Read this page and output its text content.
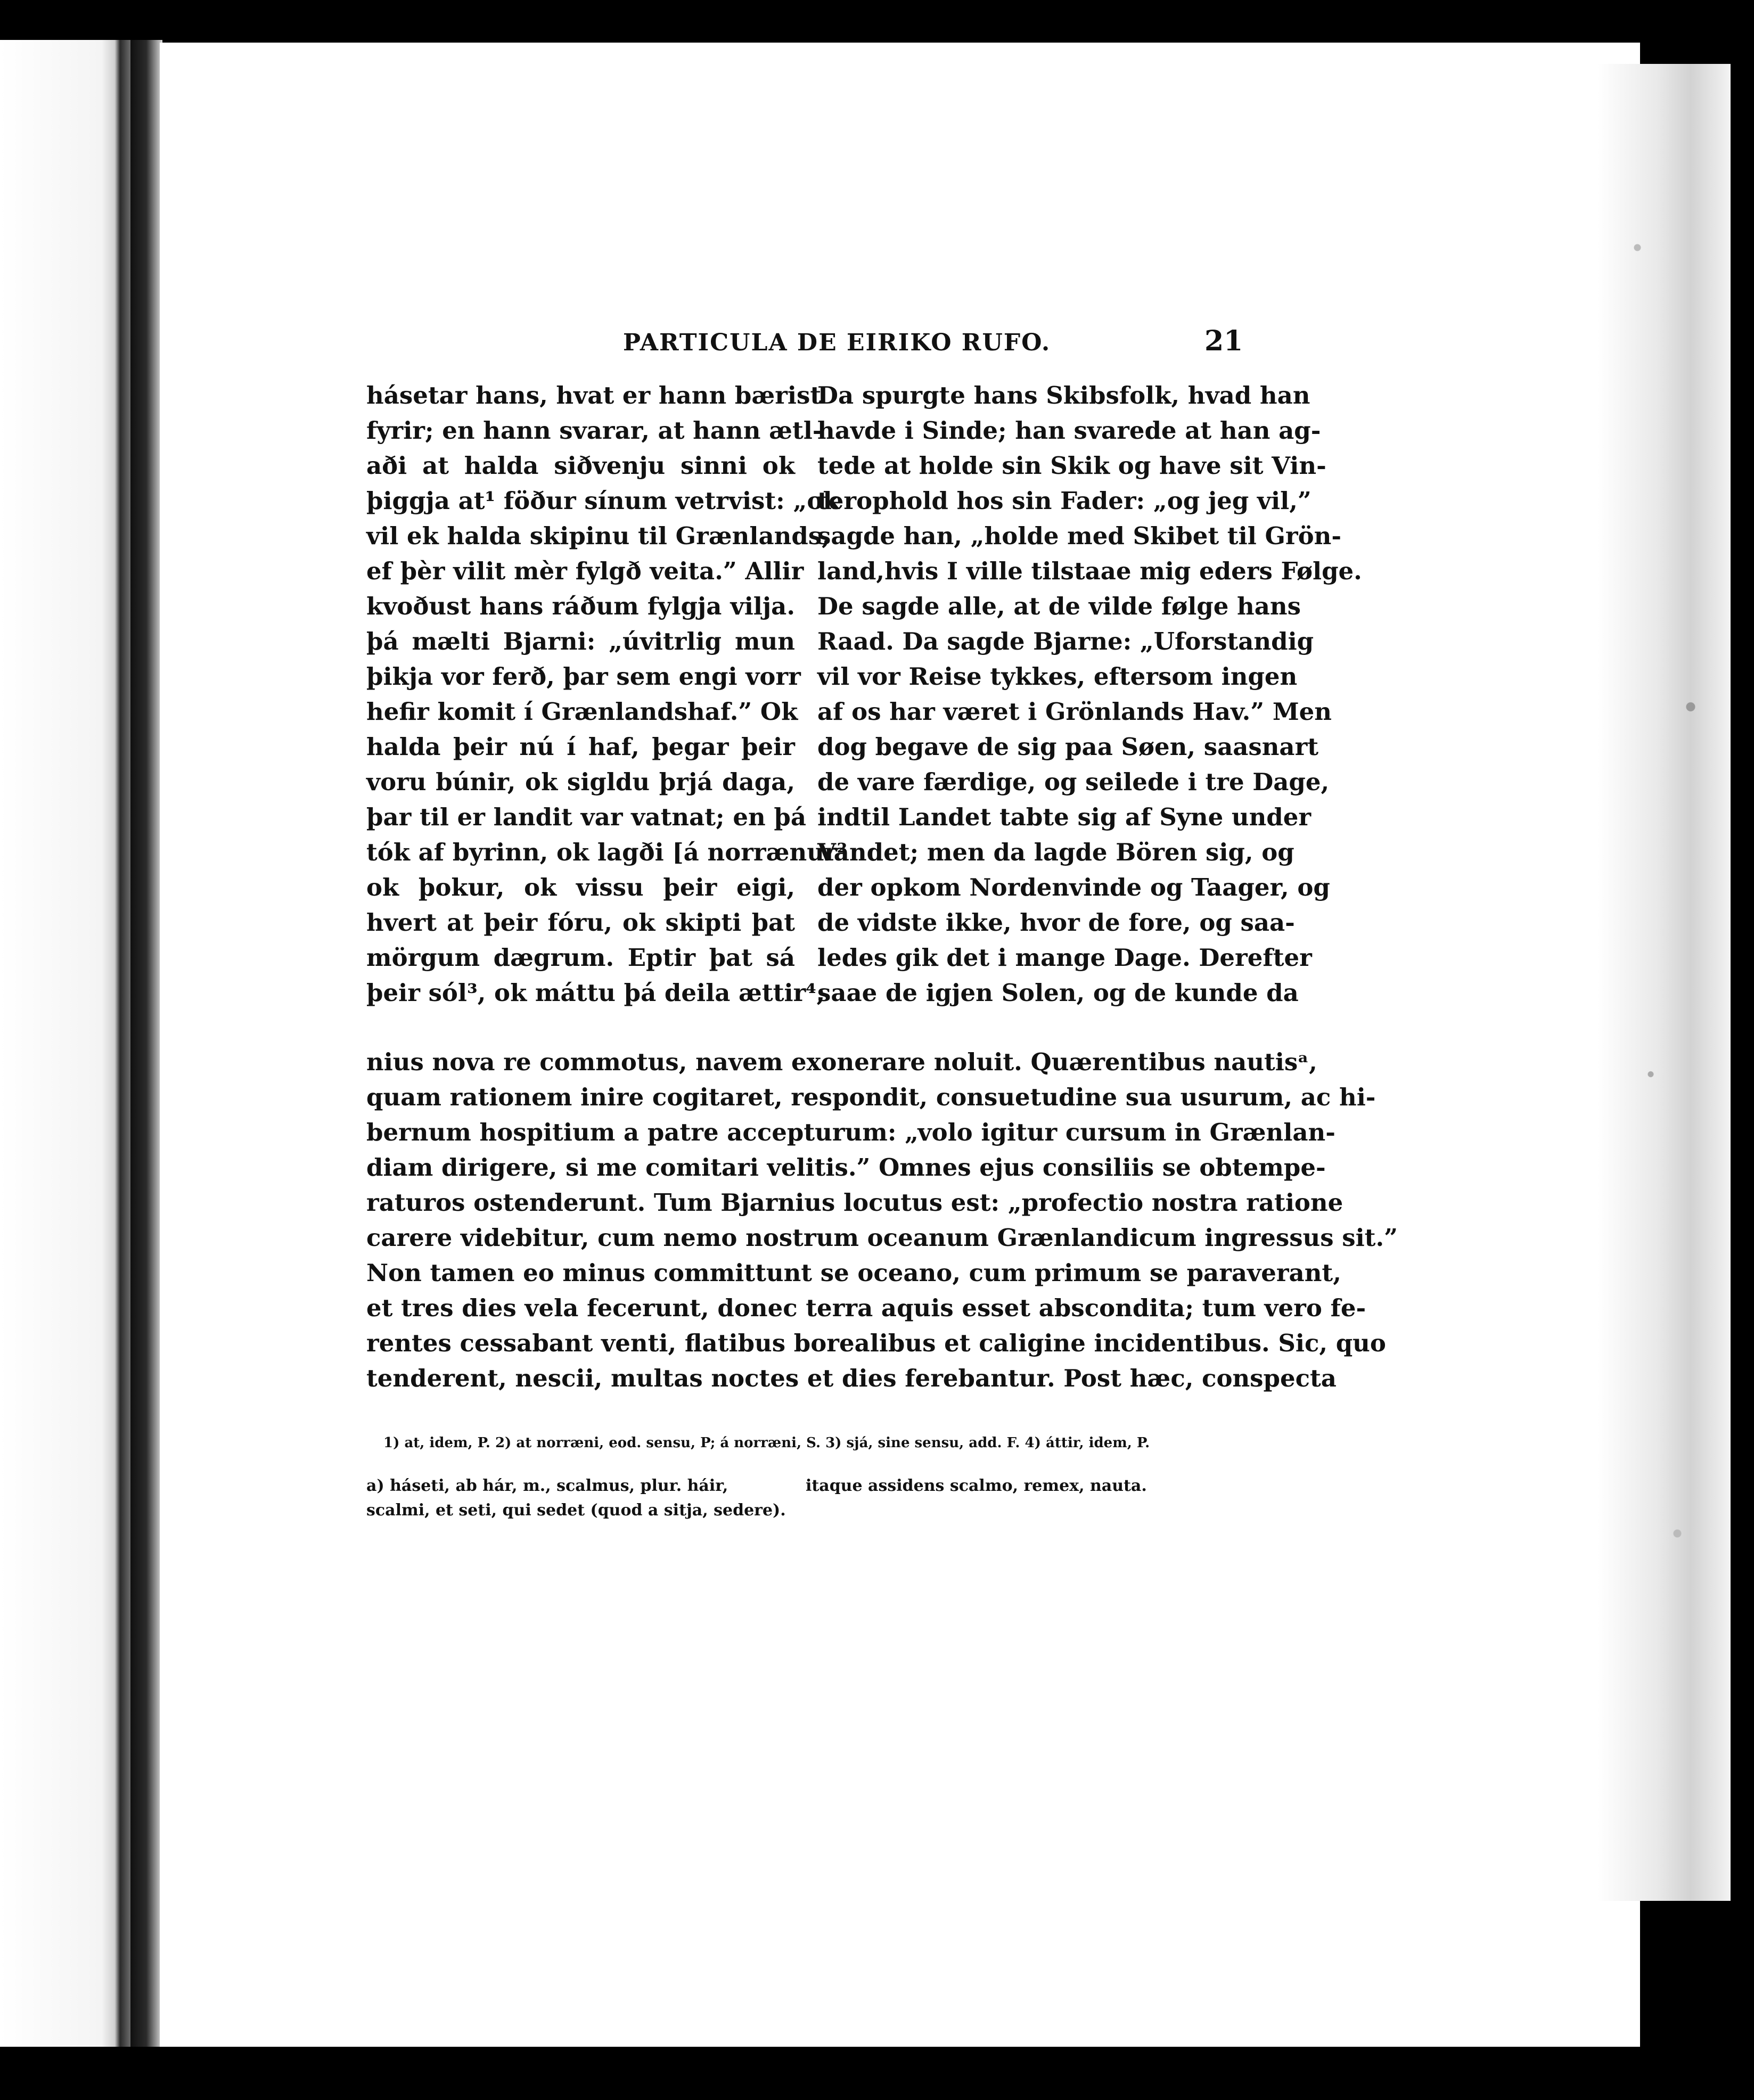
PARTICULA DE EIRIKO RUFO.	21
hásetar hans, hvat er hann bærist
fyrir; en hann svarar, at hann ætl-
aði at halda siðvenju sinni ok
þiggja at¹ föður sínum vetrvist: „ok
vil ek halda skipinu til Grænlands,
ef þèr vilit mèr fylgð veita.” Allir
kvoðust hans ráðum fylgja vilja.
þá mælti Bjarni: „úvitrlig mun
þikja vor ferð, þar sem engi vorr
hefir komit í Grænlandshaf.” Ok
halda þeir nú í haf, þegar þeir
voru búnir, ok sigldu þrjá daga,
þar til er landit var vatnat; en þá
tók af byrinn, ok lagði [á norrænur²
ok þokur, ok vissu þeir eigi,
hvert at þeir fóru, ok skipti þat
mörgum dægrum. Eptir þat sá
þeir sól³, ok máttu þá deila ættir⁴;
Da spurgte hans Skibsfolk, hvad han
havde i Sinde; han svarede at han ag-
tede at holde sin Skik og have sit Vin-
terophold hos sin Fader: „og jeg vil,”
sagde han, „holde med Skibet til Grön-
land,hvis I ville tilstaae mig eders Følge.
De sagde alle, at de vilde følge hans
Raad. Da sagde Bjarne: „Uforstandig
vil vor Reise tykkes, eftersom ingen
af os har været i Grönlands Hav.” Men
dog begave de sig paa Søen, saasnart
de vare færdige, og seilede i tre Dage,
indtil Landet tabte sig af Syne under
Vandet; men da lagde Bören sig, og
der opkom Nordenvinde og Taager, og
de vidste ikke, hvor de fore, og saa-
ledes gik det i mange Dage. Derefter
saae de igjen Solen, og de kunde da
nius nova re commotus, navem exonerare noluit. Quærentibus nautisᵃ,
quam rationem inire cogitaret, respondit, consuetudine sua usurum, ac hi-
bernum hospitium a patre accepturum: „volo igitur cursum in Grænlan-
diam dirigere, si me comitari velitis.” Omnes ejus consiliis se obtempe-
raturos ostenderunt. Tum Bjarnius locutus est: „profectio nostra ratione
carere videbitur, cum nemo nostrum oceanum Grænlandicum ingressus sit.”
Non tamen eo minus committunt se oceano, cum primum se paraverant,
et tres dies vela fecerunt, donec terra aquis esset abscondita; tum vero fe-
rentes cessabant venti, flatibus borealibus et caligine incidentibus. Sic, quo
tenderent, nescii, multas noctes et dies ferebantur. Post hæc, conspecta
1) at, idem, P. 2) at norræni, eod. sensu, P; á norræni, S. 3) sjá, sine sensu, add. F. 4) áttir, idem, P.
a) háseti, ab hár, m., scalmus, plur. háir,
scalmi, et seti, qui sedet (quod a sitja, sedere).
itaque assidens scalmo, remex, nauta.
